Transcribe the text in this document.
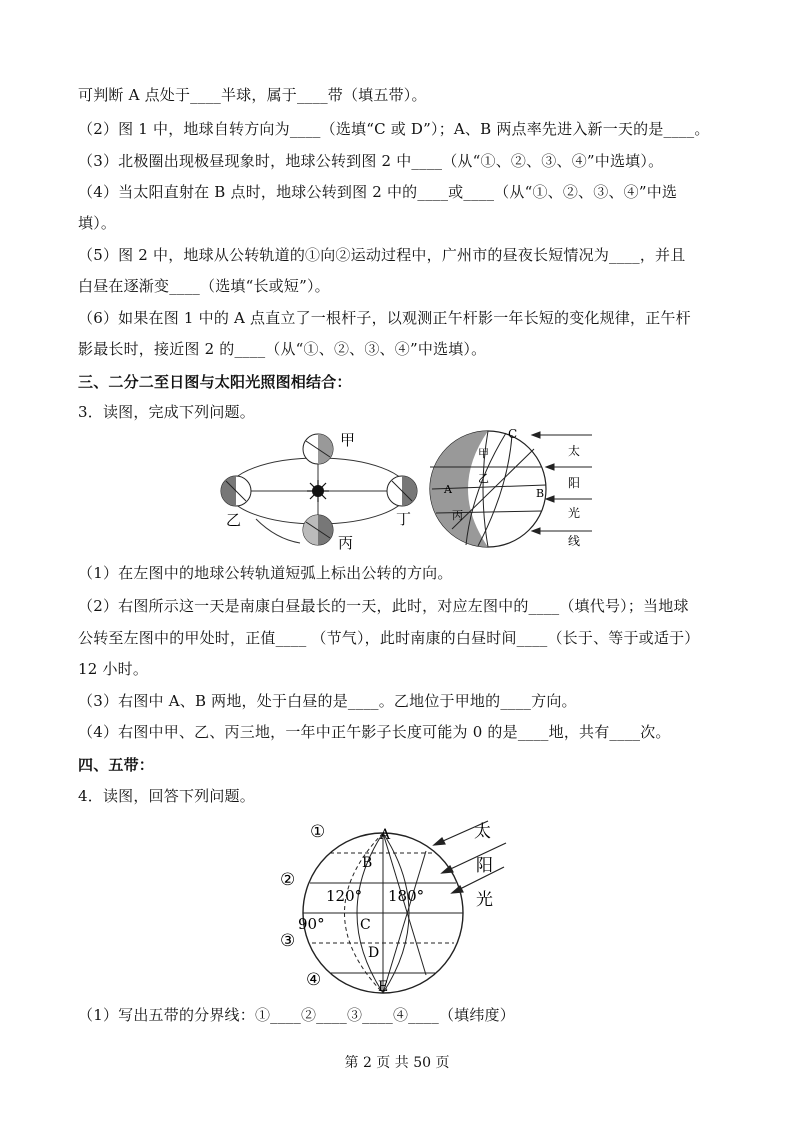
可判断 A 点处于____半球，属于____带（填五带）。
（2）图 1 中，地球自转方向为____（选填“C 或 D”）；A、B 两点率先进入新一天的是____。
（3）北极圈出现极昼现象时，地球公转到图 2 中____（从“①、②、③、④”中选填）。
（4）当太阳直射在 B 点时，地球公转到图 2 中的____或____（从“①、②、③、④”中选
填）。
（5）图 2 中，地球从公转轨道的①向②运动过程中，广州市的昼夜长短情况为____，并且
白昼在逐渐变____（选填“长或短”）。
（6）如果在图 1 中的 A 点直立了一根杆子，以观测正午杆影一年长短的变化规律，正午杆
影最长时，接近图 2 的____（从“①、②、③、④”中选填）。
三、二分二至日图与太阳光照图相结合：
3．读图，完成下列问题。
甲
乙
丙
丁
C
甲
乙
A	B
丙
太
阳
光
线
（1）在左图中的地球公转轨道短弧上标出公转的方向。
（2）右图所示这一天是南康白昼最长的一天，此时，对应左图中的____（填代号）；当地球
公转至左图中的甲处时，正值____ （节气），此时南康的白昼时间____（长于、等于或适于）
12 小时。
（3）右图中 A、B 两地，处于白昼的是____。乙地位于甲地的____方向。
（4）右图中甲、乙、丙三地，一年中正午影子长度可能为 0 的是____地，共有____次。
四、五带：
4．读图，回答下列问题。
①
②
③
④
A
B
C
D
E
120° 180°
90°
太
阳
光
（1）写出五带的分界线：①____②____③____④____（填纬度）
第 2 页 共 50 页
